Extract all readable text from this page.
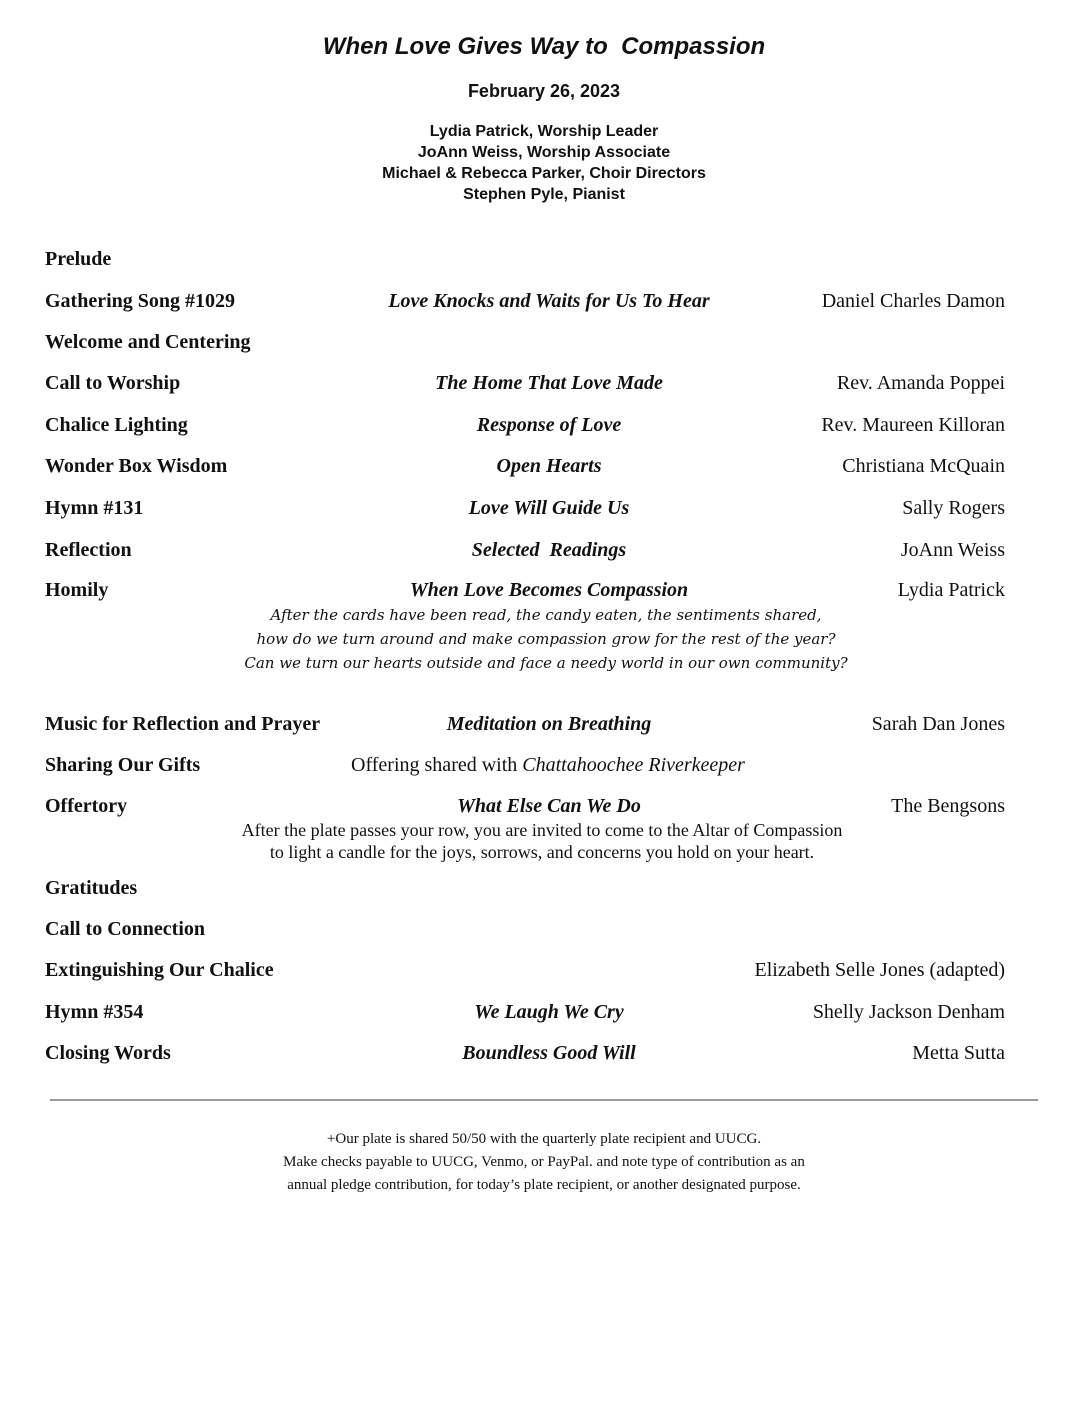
When Love Gives Way to  Compassion
February 26, 2023
Lydia Patrick, Worship Leader
JoAnn Weiss, Worship Associate
Michael & Rebecca Parker, Choir Directors
Stephen Pyle, Pianist
Prelude
Gathering Song #1029	Love Knocks and Waits for Us To Hear	Daniel Charles Damon
Welcome and Centering
Call to Worship	The Home That Love Made	Rev. Amanda Poppei
Chalice Lighting	Response of Love	Rev. Maureen Killoran
Wonder Box Wisdom	Open Hearts	Christiana McQuain
Hymn #131	Love Will Guide Us	Sally Rogers
Reflection	Selected  Readings	JoAnn Weiss
Homily	When Love Becomes Compassion	Lydia Patrick
After the cards have been read, the candy eaten, the sentiments shared,
how do we turn around and make compassion grow for the rest of the year?
Can we turn our hearts outside and face a needy world in our own community?
Music for Reflection and Prayer	Meditation on Breathing	Sarah Dan Jones
Sharing Our Gifts	Offering shared with Chattahoochee Riverkeeper
Offertory	What Else Can We Do	The Bengsons
After the plate passes your row, you are invited to come to the Altar of Compassion
to light a candle for the joys, sorrows, and concerns you hold on your heart.
Gratitudes
Call to Connection
Extinguishing Our Chalice	Elizabeth Selle Jones (adapted)
Hymn #354	We Laugh We Cry	Shelly Jackson Denham
Closing Words	Boundless Good Will	Metta Sutta
+Our plate is shared 50/50 with the quarterly plate recipient and UUCG.
Make checks payable to UUCG, Venmo, or PayPal. and note type of contribution as an
annual pledge contribution, for today’s plate recipient, or another designated purpose.
